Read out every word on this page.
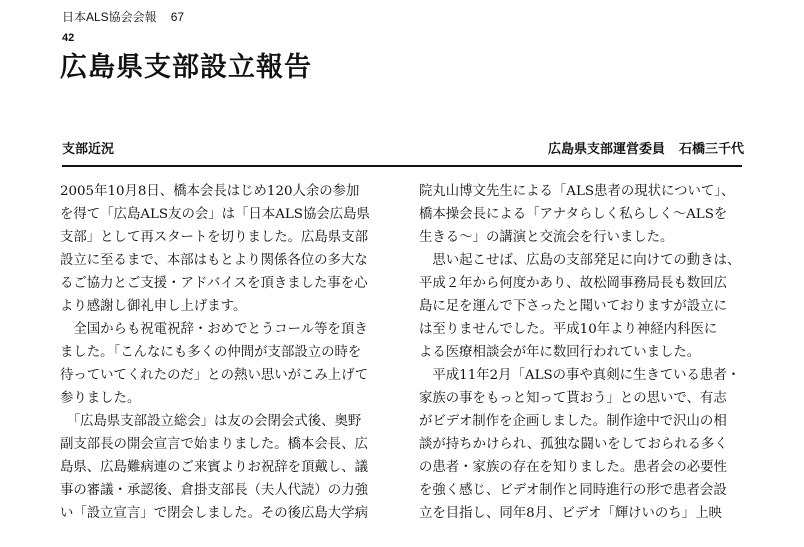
日本ALS協会会報 67
42
広島県支部設立報告
支部近況	広島県支部運営委員 石橋三千代
2005年10月8日、橋本会長はじめ120人余の参加
を得て「広島ALS友の会」は「日本ALS協会広島県
支部」として再スタートを切りました。広島県支部
設立に至るまで、本部はもとより関係各位の多大な
るご協力とご支援・アドバイスを頂きました事を心
より感謝し御礼申し上げます。
　全国からも祝電祝辞・おめでとうコール等を頂き
ました。「こんなにも多くの仲間が支部設立の時を
待っていてくれたのだ」との熱い思いがこみ上げて
参りました。
　「広島県支部設立総会」は友の会閉会式後、奥野
副支部長の開会宣言で始まりました。橋本会長、広
島県、広島難病連のご来賓よりお祝辞を頂戴し、議
事の審議・承認後、倉掛支部長（夫人代読）の力強
い「設立宣言」で閉会しました。その後広島大学病
院丸山博文先生による「ALS患者の現状について」、
橋本操会長による「アナタらしく私らしく～ALSを
生きる～」の講演と交流会を行いました。
　思い起こせば、広島の支部発足に向けての動きは、
平成２年から何度かあり、故松岡事務局長も数回広
島に足を運んで下さったと聞いておりますが設立に
は至りませんでした。平成10年より神経内科医に
よる医療相談会が年に数回行われていました。
　平成11年2月「ALSの事や真剣に生きている患者・
家族の事をもっと知って貰おう」との思いで、有志
がビデオ制作を企画しました。制作途中で沢山の相
談が持ちかけられ、孤独な闘いをしておられる多く
の患者・家族の存在を知りました。患者会の必要性
を強く感じ、ビデオ制作と同時進行の形で患者会設
立を目指し、同年8月、ビデオ「輝けいのち」上映
